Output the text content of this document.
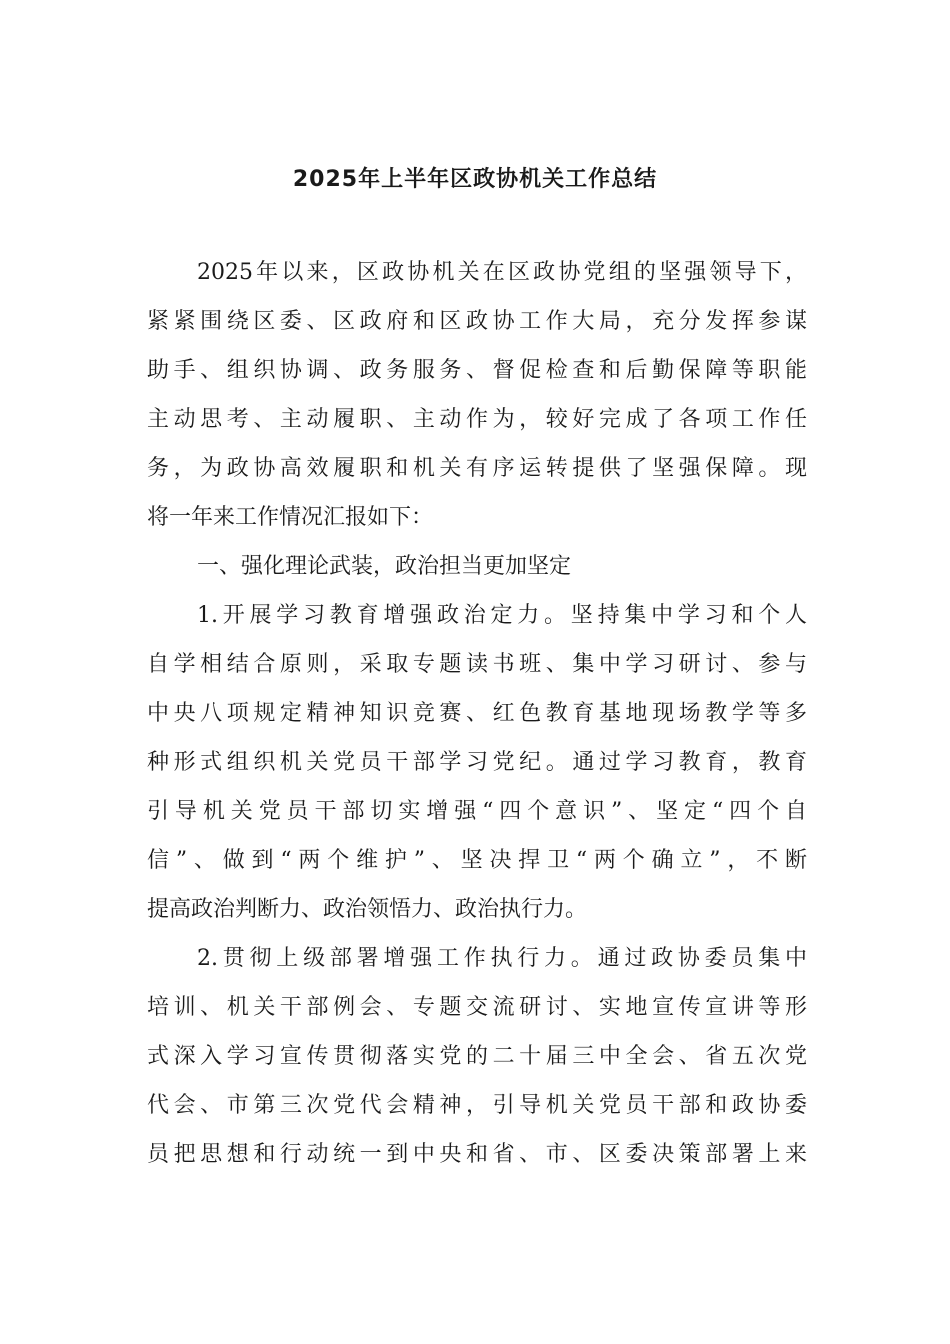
2025年上半年区政协机关工作总结
2025年以来，区政协机关在区政协党组的坚强领导下，
紧紧围绕区委、区政府和区政协工作大局，充分发挥参谋
助手、组织协调、政务服务、督促检查和后勤保障等职能
主动思考、主动履职、主动作为，较好完成了各项工作任
务，为政协高效履职和机关有序运转提供了坚强保障。现
将一年来工作情况汇报如下：
一、强化理论武装，政治担当更加坚定
1.开展学习教育增强政治定力。坚持集中学习和个人
自学相结合原则，采取专题读书班、集中学习研讨、参与
中央八项规定精神知识竞赛、红色教育基地现场教学等多
种形式组织机关党员干部学习党纪。通过学习教育，教育
引导机关党员干部切实增强“四个意识”、坚定“四个自
信”、做到“两个维护”、坚决捍卫“两个确立”，不断
提高政治判断力、政治领悟力、政治执行力。
2.贯彻上级部署增强工作执行力。通过政协委员集中
培训、机关干部例会、专题交流研讨、实地宣传宣讲等形
式深入学习宣传贯彻落实党的二十届三中全会、省五次党
代会、市第三次党代会精神，引导机关党员干部和政协委
员把思想和行动统一到中央和省、市、区委决策部署上来
